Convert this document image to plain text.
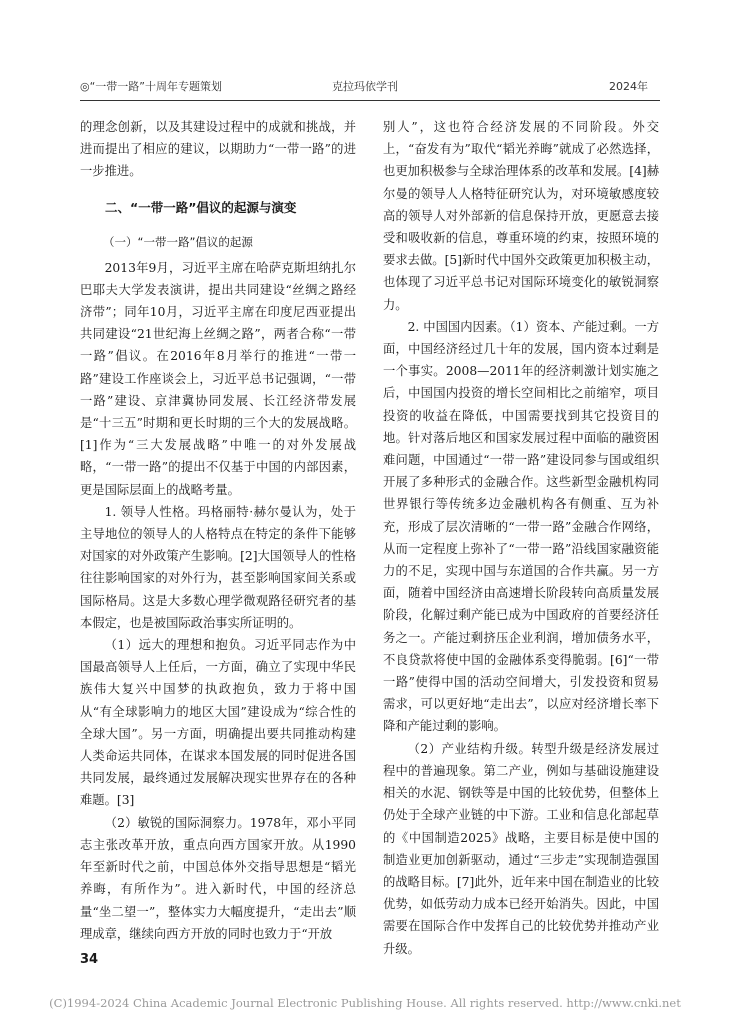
◎“一带一路”十周年专题策划	克拉玛依学刊	2024年

的理念创新，以及其建设过程中的成就和挑战，并进而提出了相应的建议，以期助力“一带一路”的进一步推进。

二、“一带一路”倡议的起源与演变
（一）“一带一路”倡议的起源

2013年9月，习近平主席在哈萨克斯坦纳扎尔巴耶夫大学发表演讲，提出共同建设“丝绸之路经济带”；同年10月，习近平主席在印度尼西亚提出共同建设“21世纪海上丝绸之路”，两者合称“一带一路”倡议。在2016年8月举行的推进“一带一路”建设工作座谈会上，习近平总书记强调，“一带一路”建设、京津冀协同发展、长江经济带发展是“十三五”时期和更长时期的三个大的发展战略。[1]作为“三大发展战略”中唯一的对外发展战略，“一带一路”的提出不仅基于中国的内部因素，更是国际层面上的战略考量。

1. 领导人性格。玛格丽特·赫尔曼认为，处于主导地位的领导人的人格特点在特定的条件下能够对国家的对外政策产生影响。[2]大国领导人的性格往往影响国家的对外行为，甚至影响国家间关系或国际格局。这是大多数心理学微观路径研究者的基本假定，也是被国际政治事实所证明的。

（1）远大的理想和抱负。习近平同志作为中国最高领导人上任后，一方面，确立了实现中华民族伟大复兴中国梦的执政抱负，致力于将中国从“有全球影响力的地区大国”建设成为“综合性的全球大国”。另一方面，明确提出要共同推动构建人类命运共同体，在谋求本国发展的同时促进各国共同发展，最终通过发展解决现实世界存在的各种难题。[3]

（2）敏锐的国际洞察力。1978年，邓小平同志主张改革开放，重点向西方国家开放。从1990年至新时代之前，中国总体外交指导思想是“韬光养晦，有所作为”。进入新时代，中国的经济总量“坐二望一”，整体实力大幅度提升，“走出去”顺理成章，继续向西方开放的同时也致力于“开放

别人”，这也符合经济发展的不同阶段。外交上，“奋发有为”取代“韬光养晦”就成了必然选择，也更加积极参与全球治理体系的改革和发展。[4]赫尔曼的领导人人格特征研究认为，对环境敏感度较高的领导人对外部新的信息保持开放，更愿意去接受和吸收新的信息，尊重环境的约束，按照环境的要求去做。[5]新时代中国外交政策更加积极主动，也体现了习近平总书记对国际环境变化的敏锐洞察力。

2. 中国国内因素。（1）资本、产能过剩。一方面，中国经济经过几十年的发展，国内资本过剩是一个事实。2008—2011年的经济刺激计划实施之后，中国国内投资的增长空间相比之前缩窄，项目投资的收益在降低，中国需要找到其它投资目的地。针对落后地区和国家发展过程中面临的融资困难问题，中国通过“一带一路”建设同参与国或组织开展了多种形式的金融合作。这些新型金融机构同世界银行等传统多边金融机构各有侧重、互为补充，形成了层次清晰的“一带一路”金融合作网络，从而一定程度上弥补了“一带一路”沿线国家融资能力的不足，实现中国与东道国的合作共赢。另一方面，随着中国经济由高速增长阶段转向高质量发展阶段，化解过剩产能已成为中国政府的首要经济任务之一。产能过剩挤压企业利润，增加债务水平，不良贷款将使中国的金融体系变得脆弱。[6]“一带一路”使得中国的活动空间增大，引发投资和贸易需求，可以更好地“走出去”，以应对经济增长率下降和产能过剩的影响。

（2）产业结构升级。转型升级是经济发展过程中的普遍现象。第二产业，例如与基础设施建设相关的水泥、钢铁等是中国的比较优势，但整体上仍处于全球产业链的中下游。工业和信息化部起草的《中国制造2025》战略，主要目标是使中国的制造业更加创新驱动，通过“三步走”实现制造强国的战略目标。[7]此外，近年来中国在制造业的比较优势，如低劳动力成本已经开始消失。因此，中国需要在国际合作中发挥自己的比较优势并推动产业升级。

34
(C)1994-2024 China Academic Journal Electronic Publishing House. All rights reserved. http://www.cnki.net
